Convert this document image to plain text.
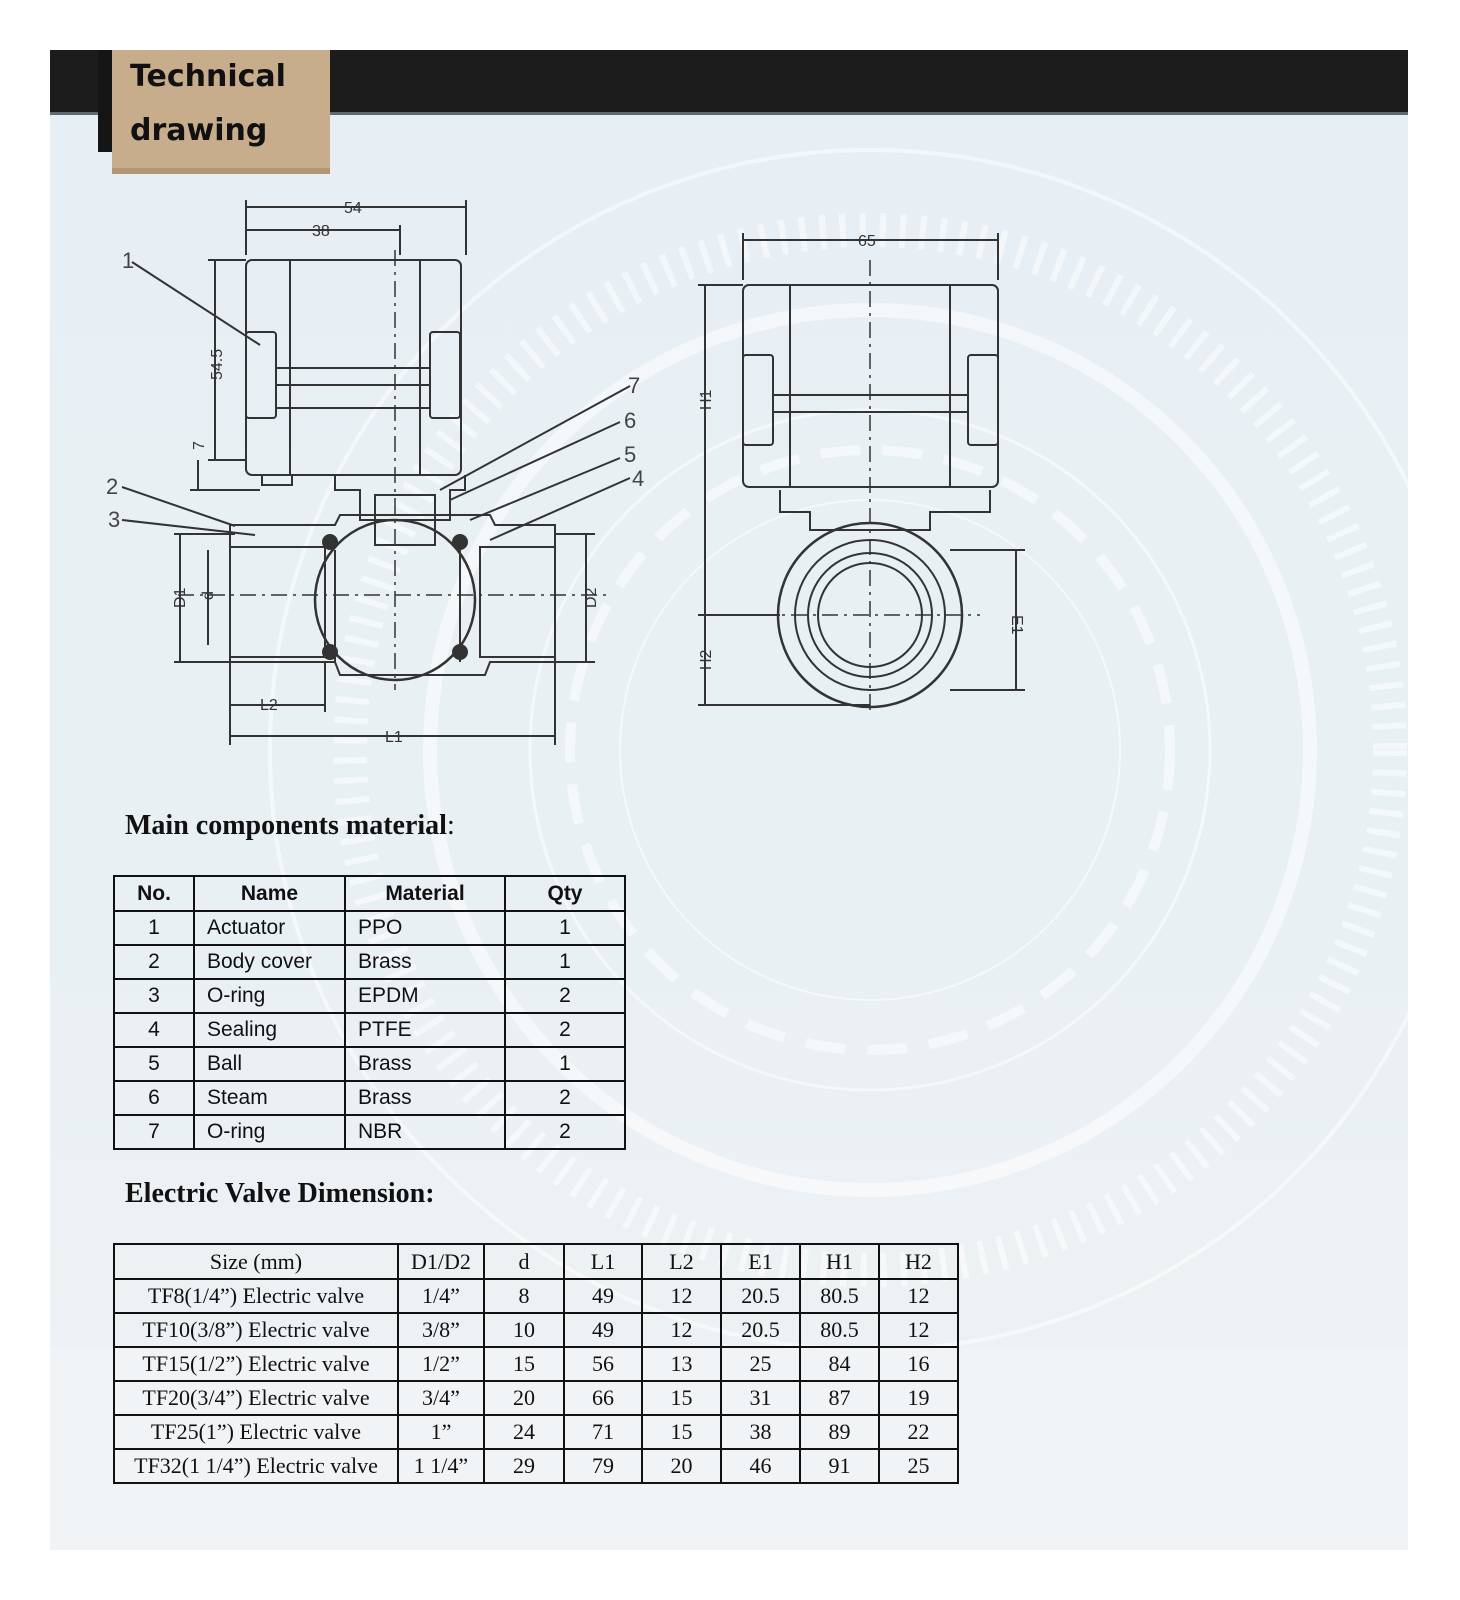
Technical
drawing
54
38
54.5
7
D1 d	D2
L2
L1
65
H1
H2
E1
1
2
3
4
5
6
7
Main components material:
No.	Name	Material	Qty
1	Actuator	PPO	1
2	Body cover	Brass	1
3	O-ring	EPDM	2
4	Sealing	PTFE	2
5	Ball	Brass	1
6	Steam	Brass	2
7	O-ring	NBR	2
Electric Valve Dimension:
Size (mm)	D1/D2	d	L1	L2	E1	H1	H2
TF8(1/4”) Electric valve	1/4”	8	49	12	20.5	80.5	12
TF10(3/8”) Electric valve	3/8”	10	49	12	20.5	80.5	12
TF15(1/2”) Electric valve	1/2”	15	56	13	25	84	16
TF20(3/4”) Electric valve	3/4”	20	66	15	31	87	19
TF25(1”) Electric valve	1”	24	71	15	38	89	22
TF32(1 1/4”) Electric valve	1 1/4”	29	79	20	46	91	25
